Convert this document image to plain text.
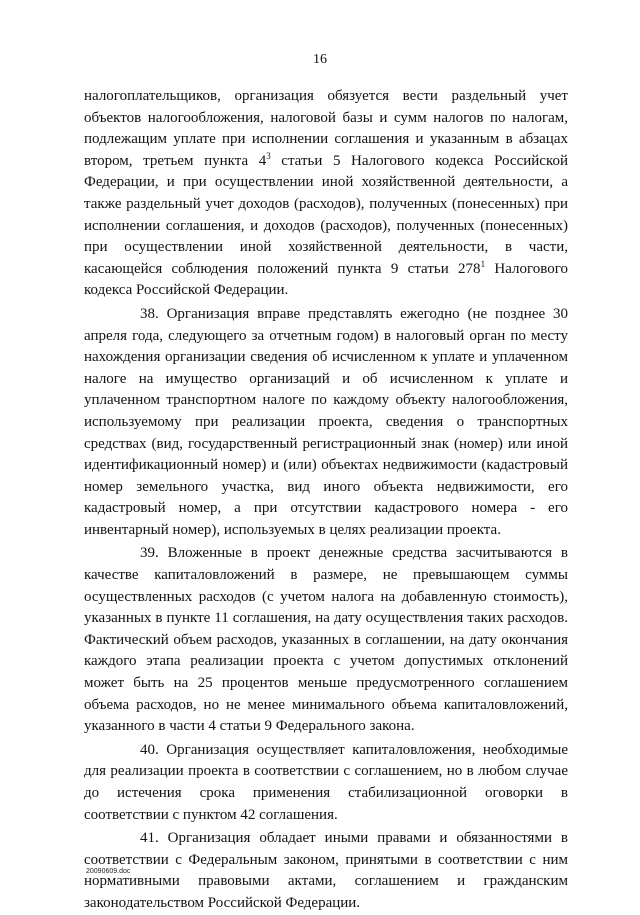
16

налогоплательщиков, организация обязуется вести раздельный учет объектов налогообложения, налоговой базы и сумм налогов по налогам, подлежащим уплате при исполнении соглашения и указанным в абзацах втором, третьем пункта $4^3$ статьи 5 Налогового кодекса Российской Федерации, и при осуществлении иной хозяйственной деятельности, а также раздельный учет доходов (расходов), полученных (понесенных) при исполнении соглашения, и доходов (расходов), полученных (понесенных) при осуществлении иной хозяйственной деятельности, в части, касающейся соблюдения положений пункта 9 статьи $278^1$ Налогового кодекса Российской Федерации.

38. Организация вправе представлять ежегодно (не позднее 30 апреля года, следующего за отчетным годом) в налоговый орган по месту нахождения организации сведения об исчисленном к уплате и уплаченном налоге на имущество организаций и об исчисленном к уплате и уплаченном транспортном налоге по каждому объекту налогообложения, используемому при реализации проекта, сведения о транспортных средствах (вид, государственный регистрационный знак (номер) или иной идентификационный номер) и (или) объектах недвижимости (кадастровый номер земельного участка, вид иного объекта недвижимости, его кадастровый номер, а при отсутствии кадастрового номера - его инвентарный номер), используемых в целях реализации проекта.

39. Вложенные в проект денежные средства засчитываются в качестве капиталовложений в размере, не превышающем суммы осуществленных расходов (с учетом налога на добавленную стоимость), указанных в пункте 11 соглашения, на дату осуществления таких расходов. Фактический объем расходов, указанных в соглашении, на дату окончания каждого этапа реализации проекта с учетом допустимых отклонений может быть на 25 процентов меньше предусмотренного соглашением объема расходов, но не менее минимального объема капиталовложений, указанного в части 4 статьи 9 Федерального закона.

40. Организация осуществляет капиталовложения, необходимые для реализации проекта в соответствии с соглашением, но в любом случае до истечения срока применения стабилизационной оговорки в соответствии с пунктом 42 соглашения.

41. Организация обладает иными правами и обязанностями в соответствии с Федеральным законом, принятыми в соответствии с ним нормативными правовыми актами, соглашением и гражданским законодательством Российской Федерации.

20090609.doc
